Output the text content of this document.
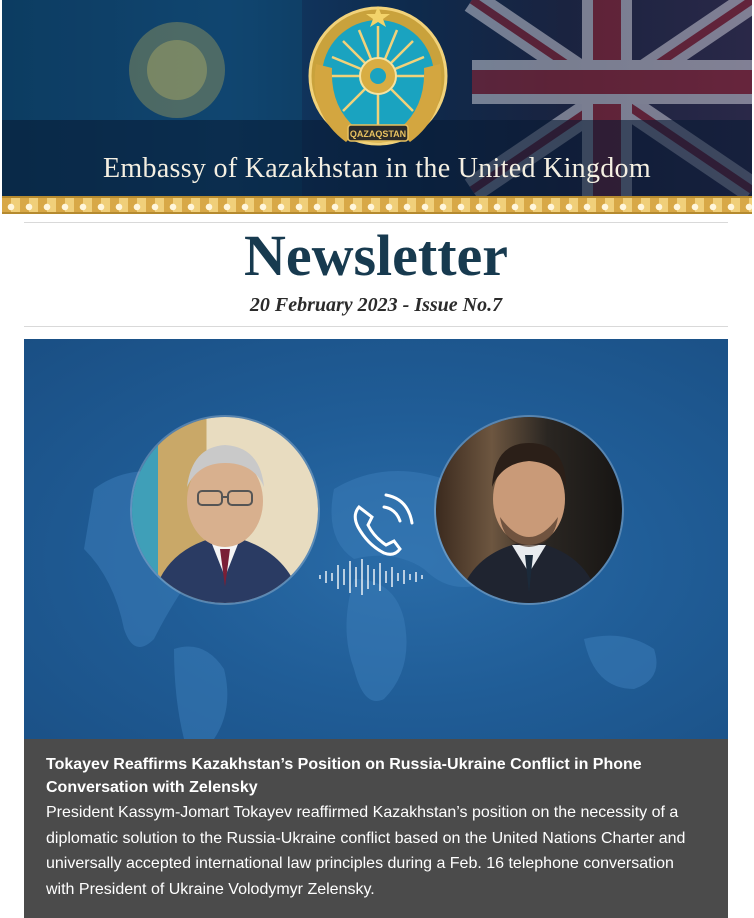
QAZAQSTAN
Embassy of Kazakhstan in the United Kingdom
Newsletter
20 February 2023 - Issue No.7
Tokayev Reaffirms Kazakhstan’s Position on Russia-Ukraine Conflict in Phone Conversation with Zelensky
President Kassym-Jomart Tokayev reaffirmed Kazakhstan’s position on the necessity of a diplomatic solution to the Russia-Ukraine conflict based on the United Nations Charter and universally accepted international law principles during a Feb. 16 telephone conversation with President of Ukraine Volodymyr Zelensky.
